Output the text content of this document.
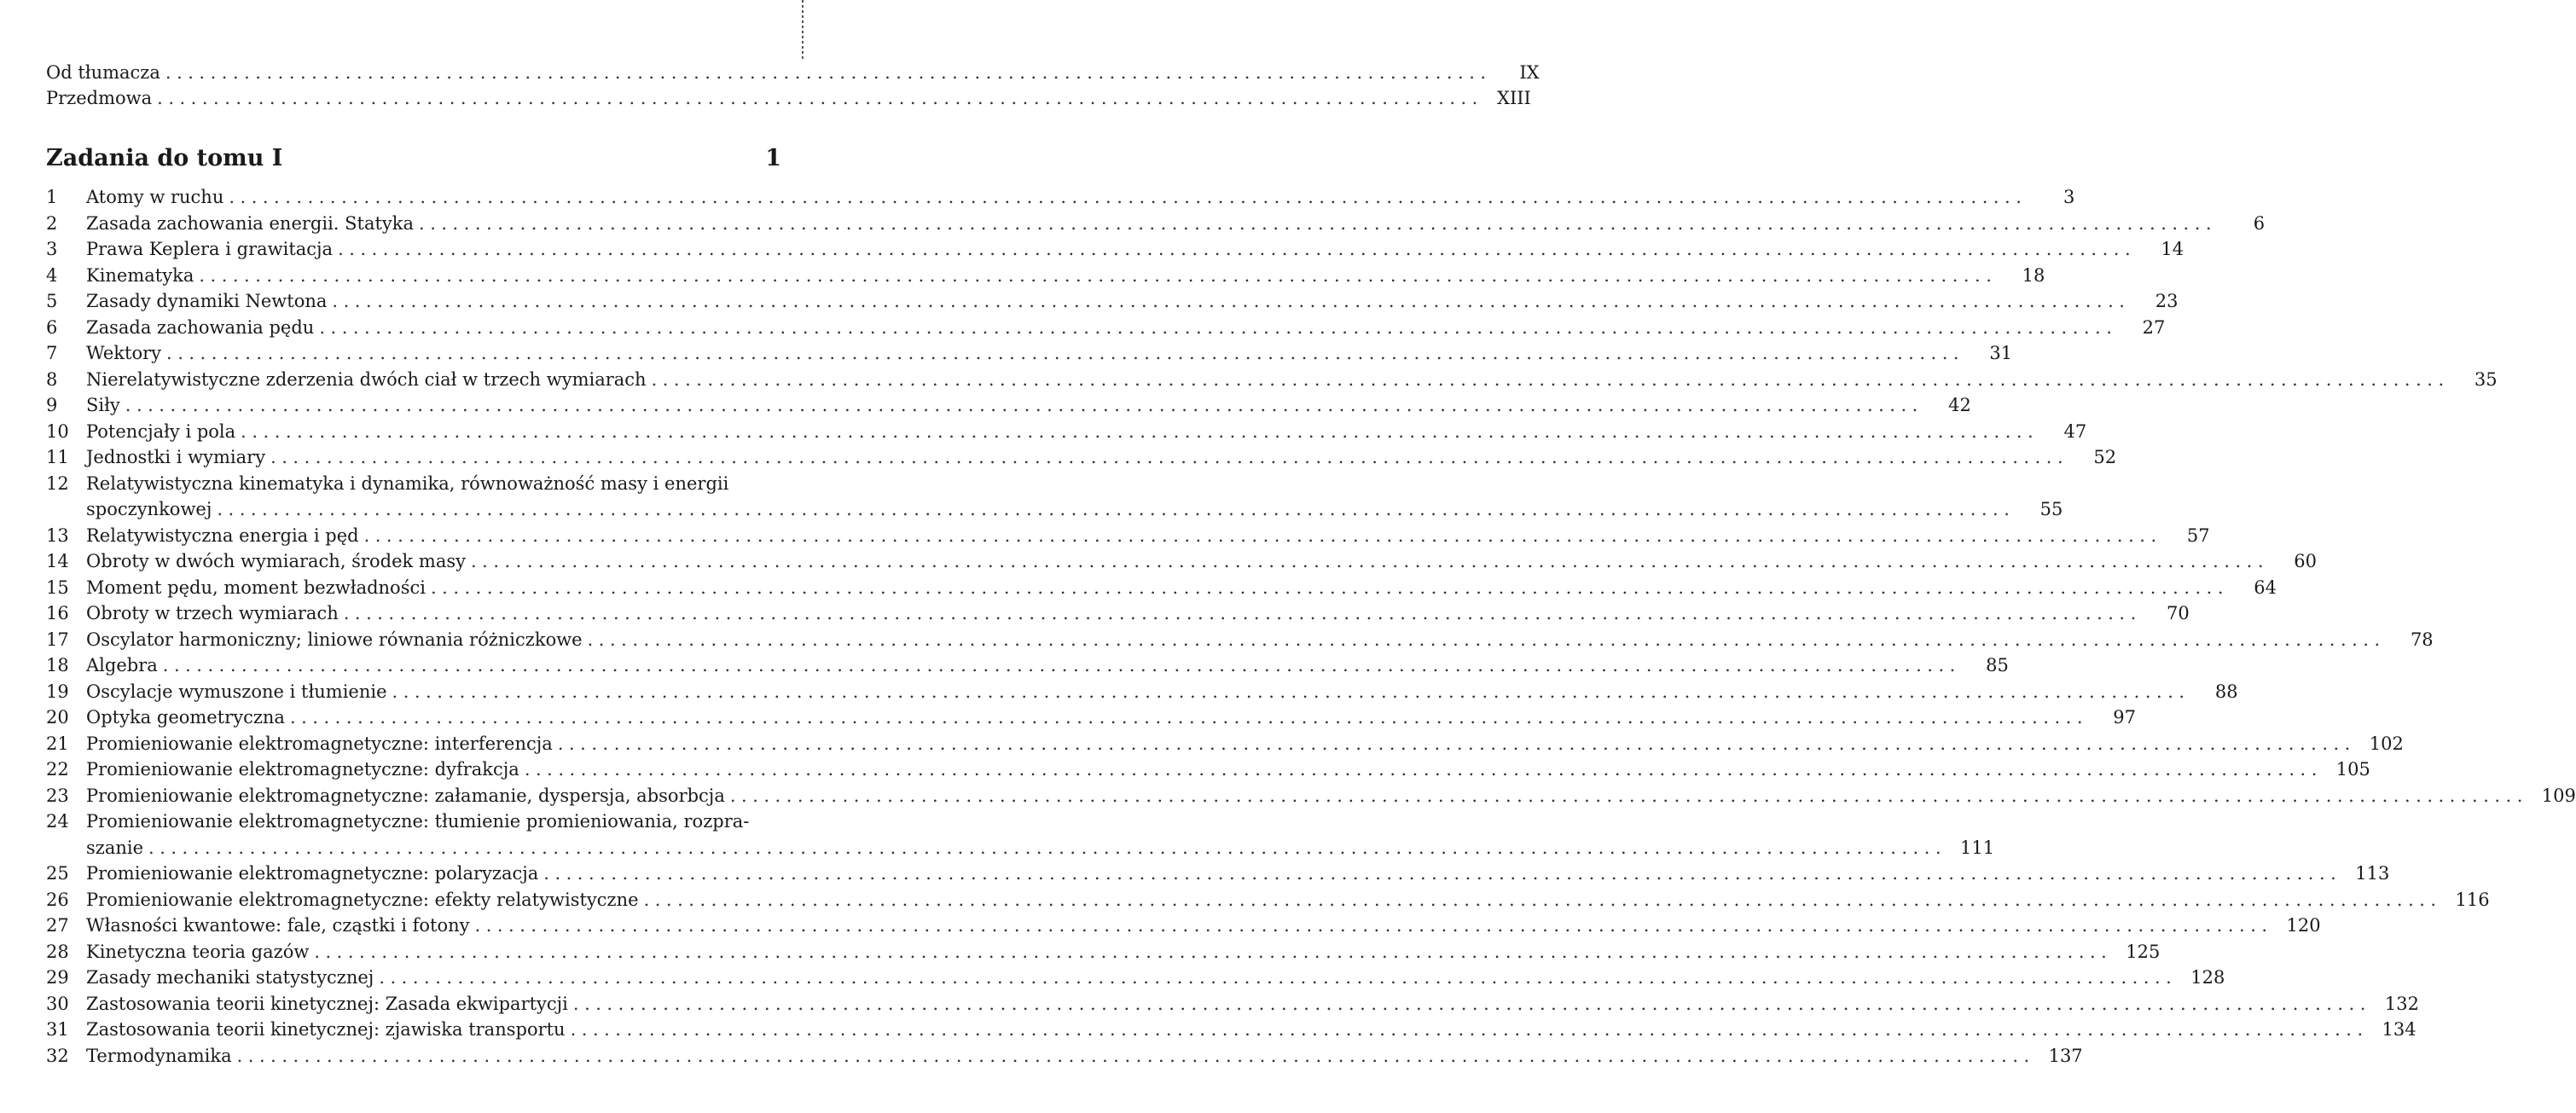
Od tłumacza ......................................................................................................................	IX
Przedmowa ...................................................................................................................... XIII
Zadania do tomu I	1
1	Atomy w ruchu ................................................................................................................................................................	3
2	Zasada zachowania energii. Statyka ................................................................................................................................................................	6
3	Prawa Keplera i grawitacja ................................................................................................................................................................	14
4	Kinematyka ................................................................................................................................................................	18
5	Zasady dynamiki Newtona ................................................................................................................................................................	23
6	Zasada zachowania pędu ................................................................................................................................................................	27
7	Wektory ................................................................................................................................................................	31
8	Nierelatywistyczne zderzenia dwóch ciał w trzech wymiarach ................................................................................................................................................................	35
9	Siły ................................................................................................................................................................	42
10 Potencjały i pola ................................................................................................................................................................	47
11 Jednostki i wymiary ................................................................................................................................................................	52
12 Relatywistyczna kinematyka i dynamika, równoważność masy i energii
spoczynkowej ................................................................................................................................................................	55
13 Relatywistyczna energia i pęd ................................................................................................................................................................	57
14 Obroty w dwóch wymiarach, środek masy ................................................................................................................................................................	60
15 Moment pędu, moment bezwładności ................................................................................................................................................................	64
16 Obroty w trzech wymiarach ................................................................................................................................................................	70
17 Oscylator harmoniczny; liniowe równania różniczkowe ................................................................................................................................................................	78
18 Algebra ................................................................................................................................................................	85
19 Oscylacje wymuszone i tłumienie ................................................................................................................................................................	88
20 Optyka geometryczna ................................................................................................................................................................	97
21 Promieniowanie elektromagnetyczne: interferencja ................................................................................................................................................................ 102
22 Promieniowanie elektromagnetyczne: dyfrakcja ................................................................................................................................................................ 105
23 Promieniowanie elektromagnetyczne: załamanie, dyspersja, absorbcja ................................................................................................................................................................ 109
24 Promieniowanie elektromagnetyczne: tłumienie promieniowania, rozpra-
szanie ................................................................................................................................................................ 111
25 Promieniowanie elektromagnetyczne: polaryzacja ................................................................................................................................................................ 113
26 Promieniowanie elektromagnetyczne: efekty relatywistyczne ................................................................................................................................................................ 116
27 Własności kwantowe: fale, cząstki i fotony ................................................................................................................................................................ 120
28 Kinetyczna teoria gazów ................................................................................................................................................................ 125
29 Zasady mechaniki statystycznej ................................................................................................................................................................ 128
30 Zastosowania teorii kinetycznej: Zasada ekwipartycji ................................................................................................................................................................ 132
31 Zastosowania teorii kinetycznej: zjawiska transportu ................................................................................................................................................................ 134
32 Termodynamika ................................................................................................................................................................ 137
